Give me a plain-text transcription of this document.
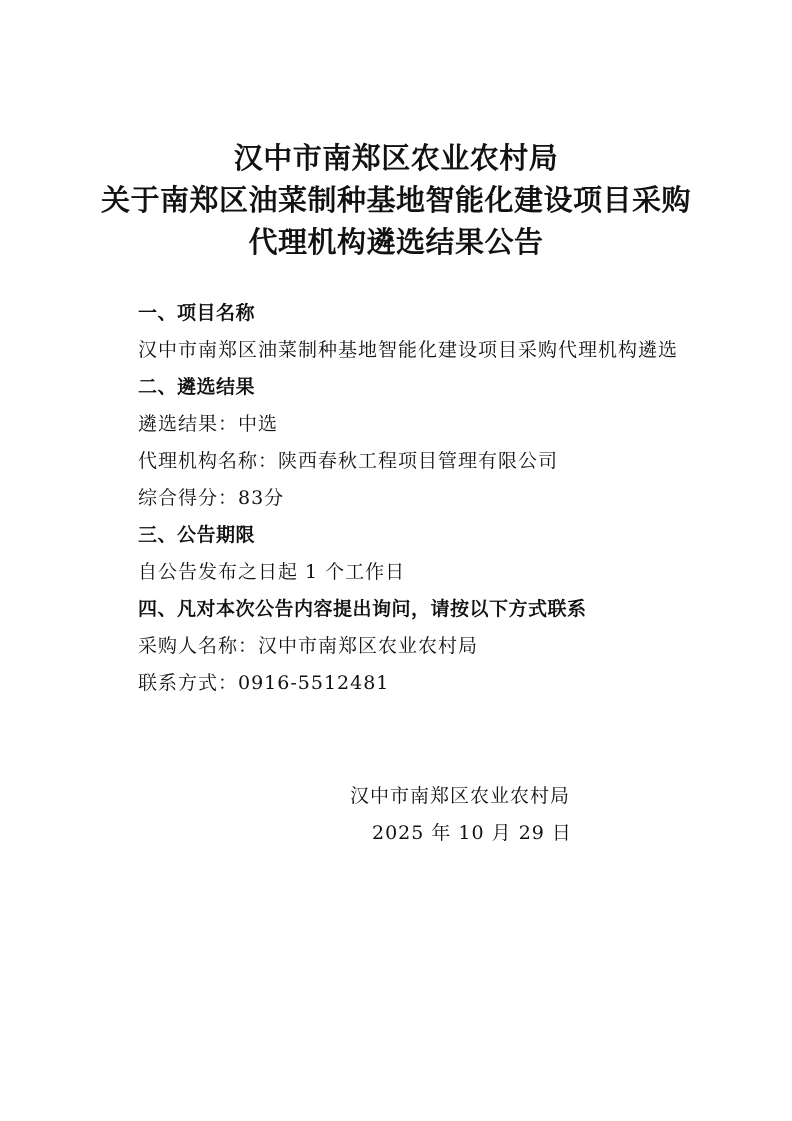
汉中市南郑区农业农村局
关于南郑区油菜制种基地智能化建设项目采购
代理机构遴选结果公告
一、项目名称
汉中市南郑区油菜制种基地智能化建设项目采购代理机构遴选
二、遴选结果
遴选结果：中选
代理机构名称：陕西春秋工程项目管理有限公司
综合得分：83分
三、公告期限
自公告发布之日起 1 个工作日
四、凡对本次公告内容提出询问，请按以下方式联系
采购人名称：汉中市南郑区农业农村局
联系方式：0916-5512481
汉中市南郑区农业农村局
2025 年 10 月 29 日
